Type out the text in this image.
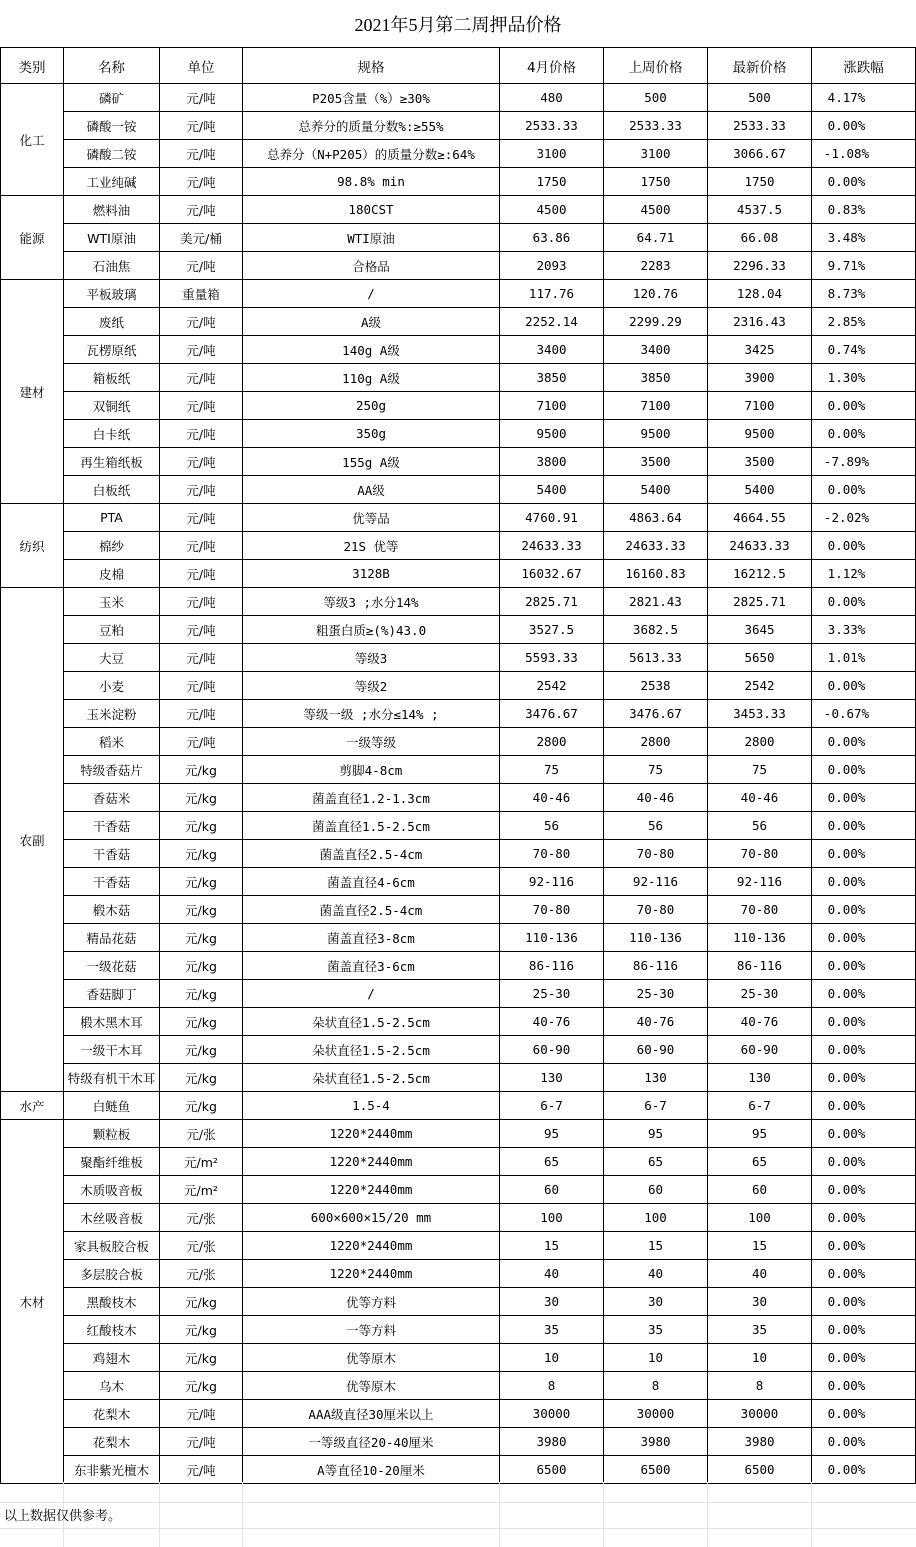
2021年5月第二周押品价格
类别	名称	单位	规格	4月价格	上周价格	最新价格	涨跌幅
化工	磷矿	元/吨	P205含量（%）≥30%	480	500	500	4.17%
	磷酸一铵	元/吨	总养分的质量分数%:≥55%	2533.33	2533.33	2533.33	0.00%
	磷酸二铵	元/吨	总养分（N+P205）的质量分数≥:64%	3100	3100	3066.67	-1.08%
	工业纯碱	元/吨	98.8% min	1750	1750	1750	0.00%
能源	燃料油	元/吨	180CST	4500	4500	4537.5	0.83%
	WTI原油	美元/桶	WTI原油	63.86	64.71	66.08	3.48%
	石油焦	元/吨	合格品	2093	2283	2296.33	9.71%
建材	平板玻璃	重量箱	/	117.76	120.76	128.04	8.73%
	废纸	元/吨	A级	2252.14	2299.29	2316.43	2.85%
	瓦楞原纸	元/吨	140g A级	3400	3400	3425	0.74%
	箱板纸	元/吨	110g A级	3850	3850	3900	1.30%
	双铜纸	元/吨	250g	7100	7100	7100	0.00%
	白卡纸	元/吨	350g	9500	9500	9500	0.00%
	再生箱纸板	元/吨	155g A级	3800	3500	3500	-7.89%
	白板纸	元/吨	AA级	5400	5400	5400	0.00%
纺织	PTA	元/吨	优等品	4760.91	4863.64	4664.55	-2.02%
	棉纱	元/吨	21S 优等	24633.33	24633.33	24633.33	0.00%
	皮棉	元/吨	3128B	16032.67	16160.83	16212.5	1.12%
农副	玉米	元/吨	等级3 ;水分14%	2825.71	2821.43	2825.71	0.00%
	豆粕	元/吨	粗蛋白质≥(%)43.0	3527.5	3682.5	3645	3.33%
	大豆	元/吨	等级3	5593.33	5613.33	5650	1.01%
	小麦	元/吨	等级2	2542	2538	2542	0.00%
	玉米淀粉	元/吨	等级一级 ;水分≤14% ;	3476.67	3476.67	3453.33	-0.67%
	稻米	元/吨	一级等级	2800	2800	2800	0.00%
	特级香菇片	元/kg	剪脚4-8cm	75	75	75	0.00%
	香菇米	元/kg	菌盖直径1.2-1.3cm	40-46	40-46	40-46	0.00%
	干香菇	元/kg	菌盖直径1.5-2.5cm	56	56	56	0.00%
	干香菇	元/kg	菌盖直径2.5-4cm	70-80	70-80	70-80	0.00%
	干香菇	元/kg	菌盖直径4-6cm	92-116	92-116	92-116	0.00%
	椴木菇	元/kg	菌盖直径2.5-4cm	70-80	70-80	70-80	0.00%
	精品花菇	元/kg	菌盖直径3-8cm	110-136	110-136	110-136	0.00%
	一级花菇	元/kg	菌盖直径3-6cm	86-116	86-116	86-116	0.00%
	香菇脚丁	元/kg	/	25-30	25-30	25-30	0.00%
	椴木黑木耳	元/kg	朵状直径1.5-2.5cm	40-76	40-76	40-76	0.00%
	一级干木耳	元/kg	朵状直径1.5-2.5cm	60-90	60-90	60-90	0.00%
	特级有机干木耳	元/kg	朵状直径1.5-2.5cm	130	130	130	0.00%
水产	白鲢鱼	元/kg	1.5-4	6-7	6-7	6-7	0.00%
木材	颗粒板	元/张	1220*2440mm	95	95	95	0.00%
	聚酯纤维板	元/m²	1220*2440mm	65	65	65	0.00%
	木质吸音板	元/m²	1220*2440mm	60	60	60	0.00%
	木丝吸音板	元/张	600×600×15/20 mm	100	100	100	0.00%
	家具板胶合板	元/张	1220*2440mm	15	15	15	0.00%
	多层胶合板	元/张	1220*2440mm	40	40	40	0.00%
	黑酸枝木	元/kg	优等方料	30	30	30	0.00%
	红酸枝木	元/kg	一等方料	35	35	35	0.00%
	鸡翅木	元/kg	优等原木	10	10	10	0.00%
	乌木	元/kg	优等原木	8	8	8	0.00%
	花梨木	元/吨	AAA级直径30厘米以上	30000	30000	30000	0.00%
	花梨木	元/吨	一等级直径20-40厘米	3980	3980	3980	0.00%
	东非紫光檀木	元/吨	A等直径10-20厘米	6500	6500	6500	0.00%
以上数据仅供参考。
